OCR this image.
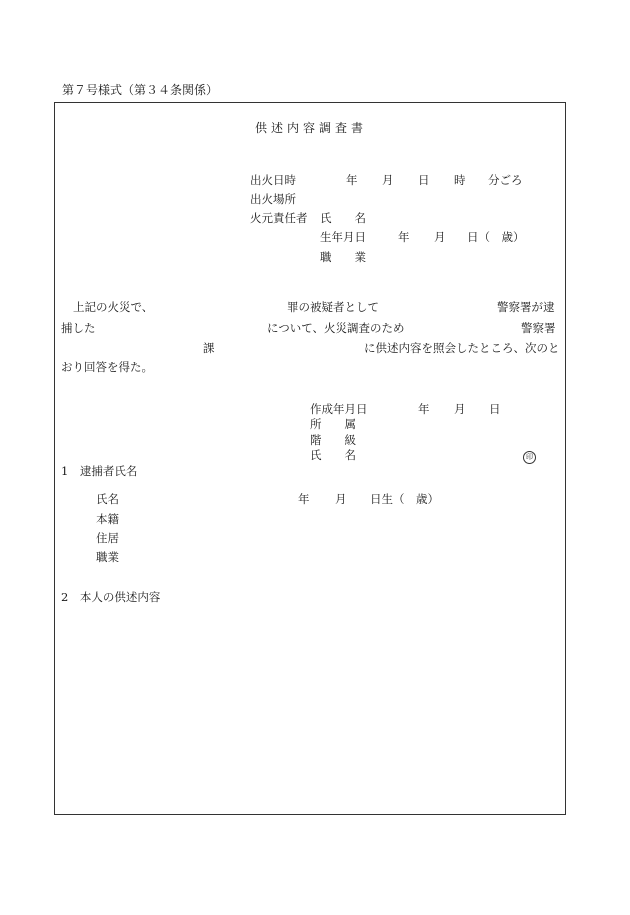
第７号様式（第３４条関係）
供述内容調査書
出火日時	年 月 日 時 分ごろ
出火場所
火元責任者 氏　　名
生年月日	年 月 日（　歳）
職　　業
上記の火災で、	罪の被疑者として	警察署が逮
捕した	について、火災調査のため	警察署
課	に供述内容を照会したところ、次のと
おり回答を得た。
作成年月日	年 月 日
所　　属
階　　級
氏　　名	印
1　逮捕者氏名
氏名	年 月 日生（　歳）
本籍
住居
職業
2　本人の供述内容
